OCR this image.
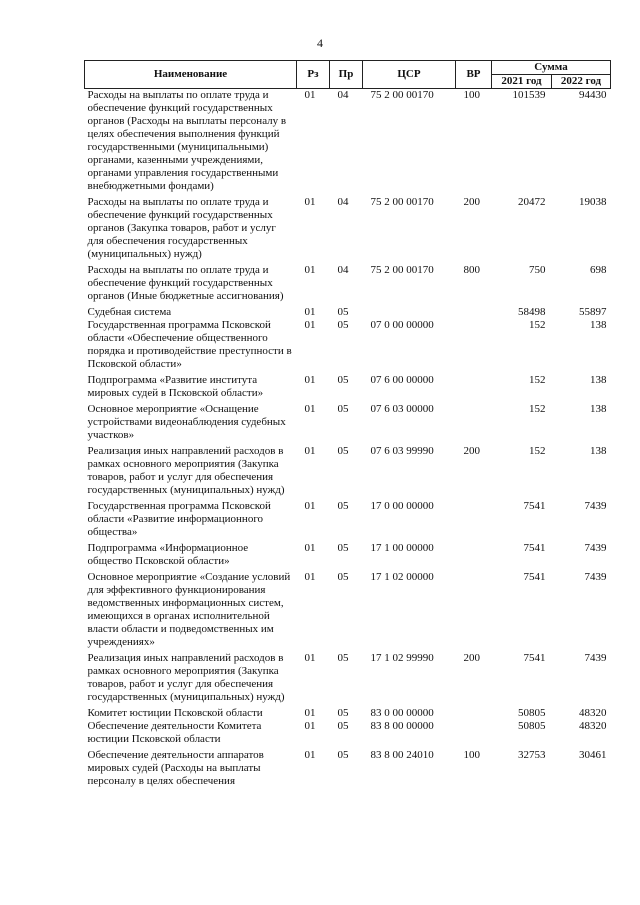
4
Наименование	Рз	Пр	ЦСР	ВР	Сумма	
					2021 год	2022 год
Расходы на выплаты по оплате труда и обеспечение функций государственных органов (Расходы на выплаты персоналу в целях обеспечения выполнения функций государственными (муниципальными) органами, казенными учреждениями, органами управления государственными внебюджетными фондами)	01	04	75 2 00 00170	100	101539	94430
Расходы на выплаты по оплате труда и обеспечение функций государственных органов (Закупка товаров, работ и услуг для обеспечения государственных (муниципальных) нужд)	01	04	75 2 00 00170	200	20472	19038
Расходы на выплаты по оплате труда и обеспечение функций государственных органов (Иные бюджетные ассигнования)	01	04	75 2 00 00170	800	750	698
Судебная система	01	05			58498	55897
Государственная программа Псковской области «Обеспечение общественного порядка и противодействие преступности в Псковской области»	01	05	07 0 00 00000		152	138
Подпрограмма «Развитие института мировых судей в Псковской области»	01	05	07 6 00 00000		152	138
Основное мероприятие «Оснащение устройствами видеонаблюдения судебных участков»	01	05	07 6 03 00000		152	138
Реализация иных направлений расходов в рамках основного мероприятия (Закупка товаров, работ и услуг для обеспечения государственных (муниципальных) нужд)	01	05	07 6 03 99990	200	152	138
Государственная программа Псковской области «Развитие информационного общества»	01	05	17 0 00 00000		7541	7439
Подпрограмма «Информационное общество Псковской области»	01	05	17 1 00 00000		7541	7439
Основное мероприятие «Создание условий для эффективного функционирования ведомственных информационных систем, имеющихся в органах исполнительной власти области и подведомственных им учреждениях»	01	05	17 1 02 00000		7541	7439
Реализация иных направлений расходов в рамках основного мероприятия (Закупка товаров, работ и услуг для обеспечения государственных (муниципальных) нужд)	01	05	17 1 02 99990	200	7541	7439
Комитет юстиции Псковской области	01	05	83 0 00 00000		50805	48320
Обеспечение деятельности Комитета юстиции Псковской области	01	05	83 8 00 00000		50805	48320
Обеспечение деятельности аппаратов мировых судей (Расходы на выплаты персоналу в целях обеспечения	01	05	83 8 00 24010	100	32753	30461
